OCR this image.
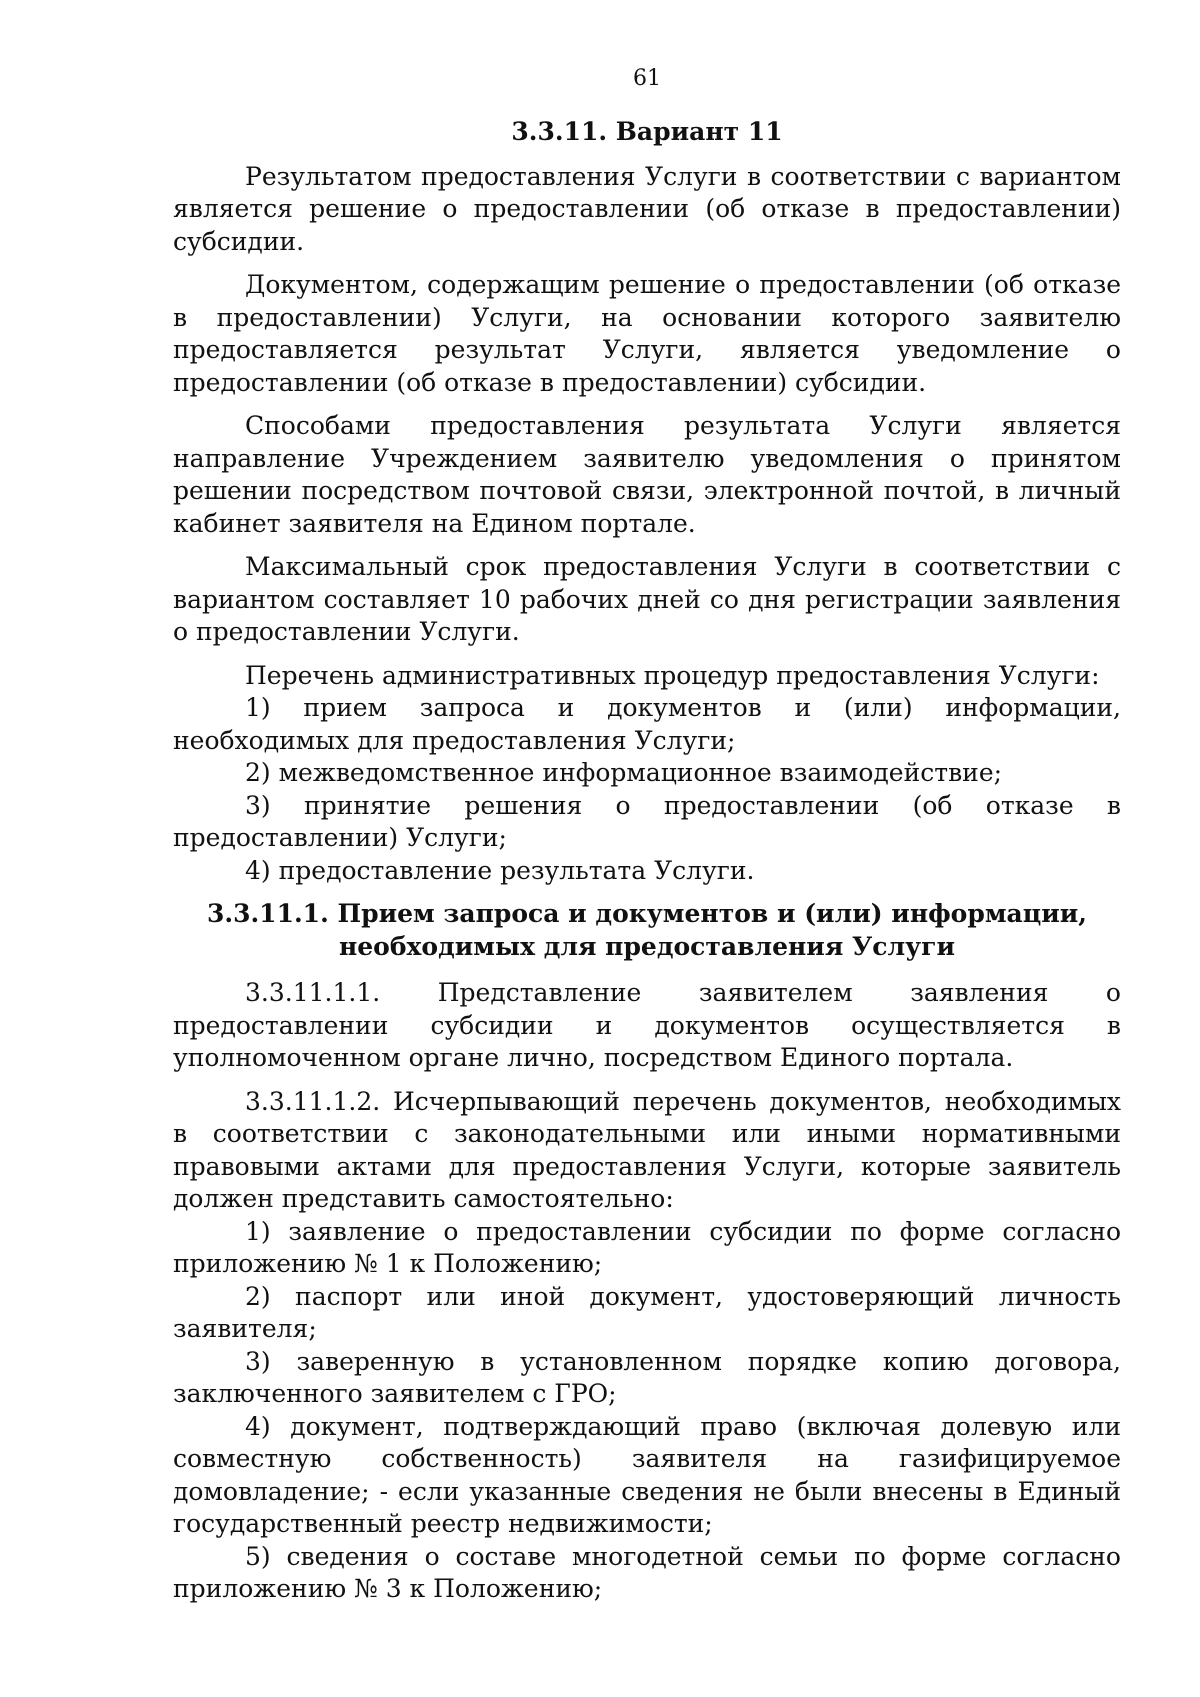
61
3.3.11. Вариант 11

Результатом предоставления Услуги в соответствии с вариантом является решение о предоставлении (об отказе в предоставлении) субсидии.

Документом, содержащим решение о предоставлении (об отказе в предоставлении) Услуги, на основании которого заявителю предоставляется результат Услуги, является уведомление о предоставлении (об отказе в предоставлении) субсидии.

Способами предоставления результата Услуги является направление Учреждением заявителю уведомления о принятом решении посредством почтовой связи, электронной почтой, в личный кабинет заявителя на Едином портале.

Максимальный срок предоставления Услуги в соответствии с вариантом составляет 10 рабочих дней со дня регистрации заявления о предоставлении Услуги.

Перечень административных процедур предоставления Услуги:

1) прием запроса и документов и (или) информации, необходимых для предоставления Услуги;

2) межведомственное информационное взаимодействие;

3) принятие решения о предоставлении (об отказе в предоставлении) Услуги;

4) предоставление результата Услуги.

3.3.11.1. Прием запроса и документов и (или) информации, необходимых для предоставления Услуги

3.3.11.1.1. Представление заявителем заявления о предоставлении субсидии и документов осуществляется в уполномоченном органе лично, посредством Единого портала.

3.3.11.1.2. Исчерпывающий перечень документов, необходимых в соответствии с законодательными или иными нормативными правовыми актами для предоставления Услуги, которые заявитель должен представить самостоятельно:

1) заявление о предоставлении субсидии по форме согласно приложению № 1 к Положению;

2) паспорт или иной документ, удостоверяющий личность заявителя;

3) заверенную в установленном порядке копию договора, заключенного заявителем с ГРО;

4) документ, подтверждающий право (включая долевую или совместную собственность) заявителя на газифицируемое домовладение; - если указанные сведения не были внесены в Единый государственный реестр недвижимости;

5) сведения о составе многодетной семьи по форме согласно приложению № 3 к Положению;
